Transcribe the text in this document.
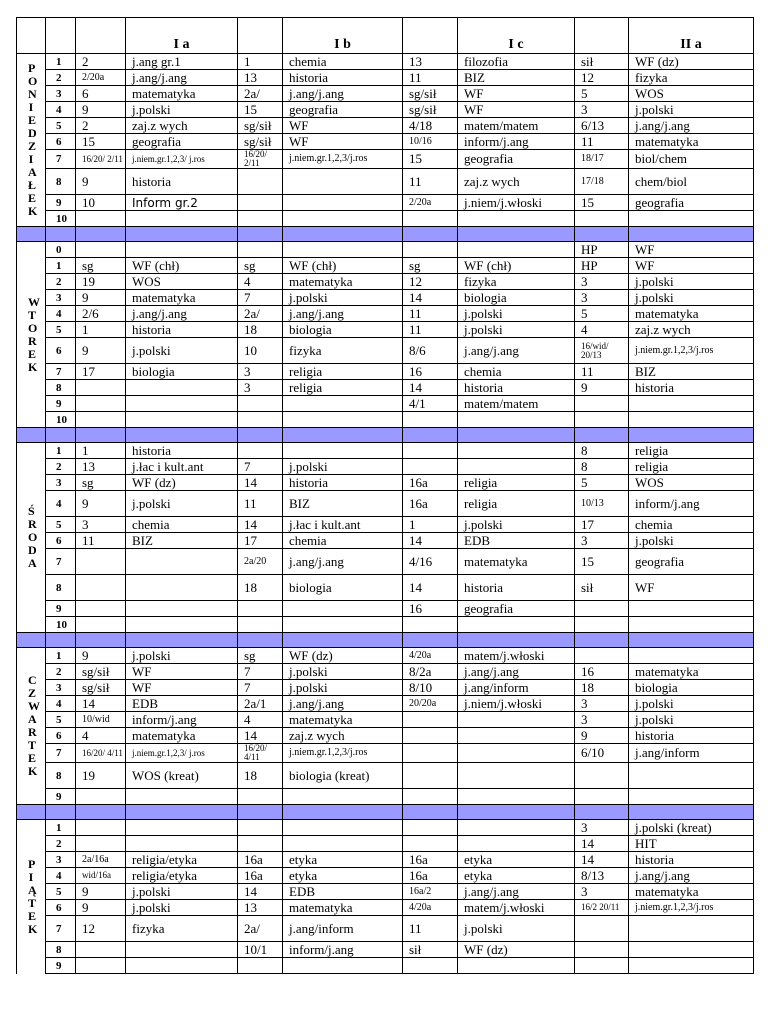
			I a		I b		I c		II a
PONIEDZIAŁEK	1	2	j.ang gr.1	1	chemia	13	filozofia	sił	WF (dz)
	2	2/20a	j.ang/j.ang	13	historia	11	BIZ	12	fizyka
	3	6	matematyka	2a/	j.ang/j.ang	sg/sił	WF	5	WOS
	4	9	j.polski	15	geografia	sg/sił	WF	3	j.polski
	5	2	zaj.z wych	sg/sił	WF	4/18	matem/matem	6/13	j.ang/j.ang
	6	15	geografia	sg/sił	WF	10/16	inform/j.ang	11	matematyka
	7	16/20/ 2/11	j.niem.gr.1,2,3/ j.ros	16/20/ 2/11	j.niem.gr.1,2,3/j.ros	15	geografia	18/17	biol/chem
	8	9	historia			11	zaj.z wych	17/18	chem/biol
	9	10	Inform gr.2			2/20a	j.niem/j.włoski	15	geografia
	10								

WTOREK	0							HP	WF
	1	sg	WF (chł)	sg	WF (chł)	sg	WF (chł)	HP	WF
	2	19	WOS	4	matematyka	12	fizyka	3	j.polski
	3	9	matematyka	7	j.polski	14	biologia	3	j.polski
	4	2/6	j.ang/j.ang	2a/	j.ang/j.ang	11	j.polski	5	matematyka
	5	1	historia	18	biologia	11	j.polski	4	zaj.z wych
	6	9	j.polski	10	fizyka	8/6	j.ang/j.ang	16/wid/ 20/13	j.niem.gr.1,2,3/j.ros
	7	17	biologia	3	religia	16	chemia	11	BIZ
	8			3	religia	14	historia	9	historia
	9					4/1	matem/matem		
	10								

ŚRODA	1	1	historia					8	religia
	2	13	j.łac i kult.ant	7	j.polski			8	religia
	3	sg	WF (dz)	14	historia	16a	religia	5	WOS
	4	9	j.polski	11	BIZ	16a	religia	10/13	inform/j.ang
	5	3	chemia	14	j.łac i kult.ant	1	j.polski	17	chemia
	6	11	BIZ	17	chemia	14	EDB	3	j.polski
	7			2a/20	j.ang/j.ang	4/16	matematyka	15	geografia
	8			18	biologia	14	historia	sił	WF
	9					16	geografia		
	10								

CZWARTEK	1	9	j.polski	sg	WF (dz)	4/20a	matem/j.włoski		
	2	sg/sił	WF	7	j.polski	8/2a	j.ang/j.ang	16	matematyka
	3	sg/sił	WF	7	j.polski	8/10	j.ang/inform	18	biologia
	4	14	EDB	2a/1	j.ang/j.ang	20/20a	j.niem/j.włoski	3	j.polski
	5	10/wid	inform/j.ang	4	matematyka			3	j.polski
	6	4	matematyka	14	zaj.z wych			9	historia
	7	16/20/ 4/11	j.niem.gr.1,2,3/ j.ros	16/20/ 4/11	j.niem.gr.1,2,3/j.ros			6/10	j.ang/inform
	8	19	WOS (kreat)	18	biologia (kreat)				
	9								

PIĄTEK	1							3	j.polski (kreat)
	2							14	HIT
	3	2a/16a	religia/etyka	16a	etyka	16a	etyka	14	historia
	4	wid/16a	religia/etyka	16a	etyka	16a	etyka	8/13	j.ang/j.ang
	5	9	j.polski	14	EDB	16a/2	j.ang/j.ang	3	matematyka
	6	9	j.polski	13	matematyka	4/20a	matem/j.włoski	16/2 20/11	j.niem.gr.1,2,3/j.ros
	7	12	fizyka	2a/	j.ang/inform	11	j.polski		
	8			10/1	inform/j.ang	sił	WF (dz)		
	9								
